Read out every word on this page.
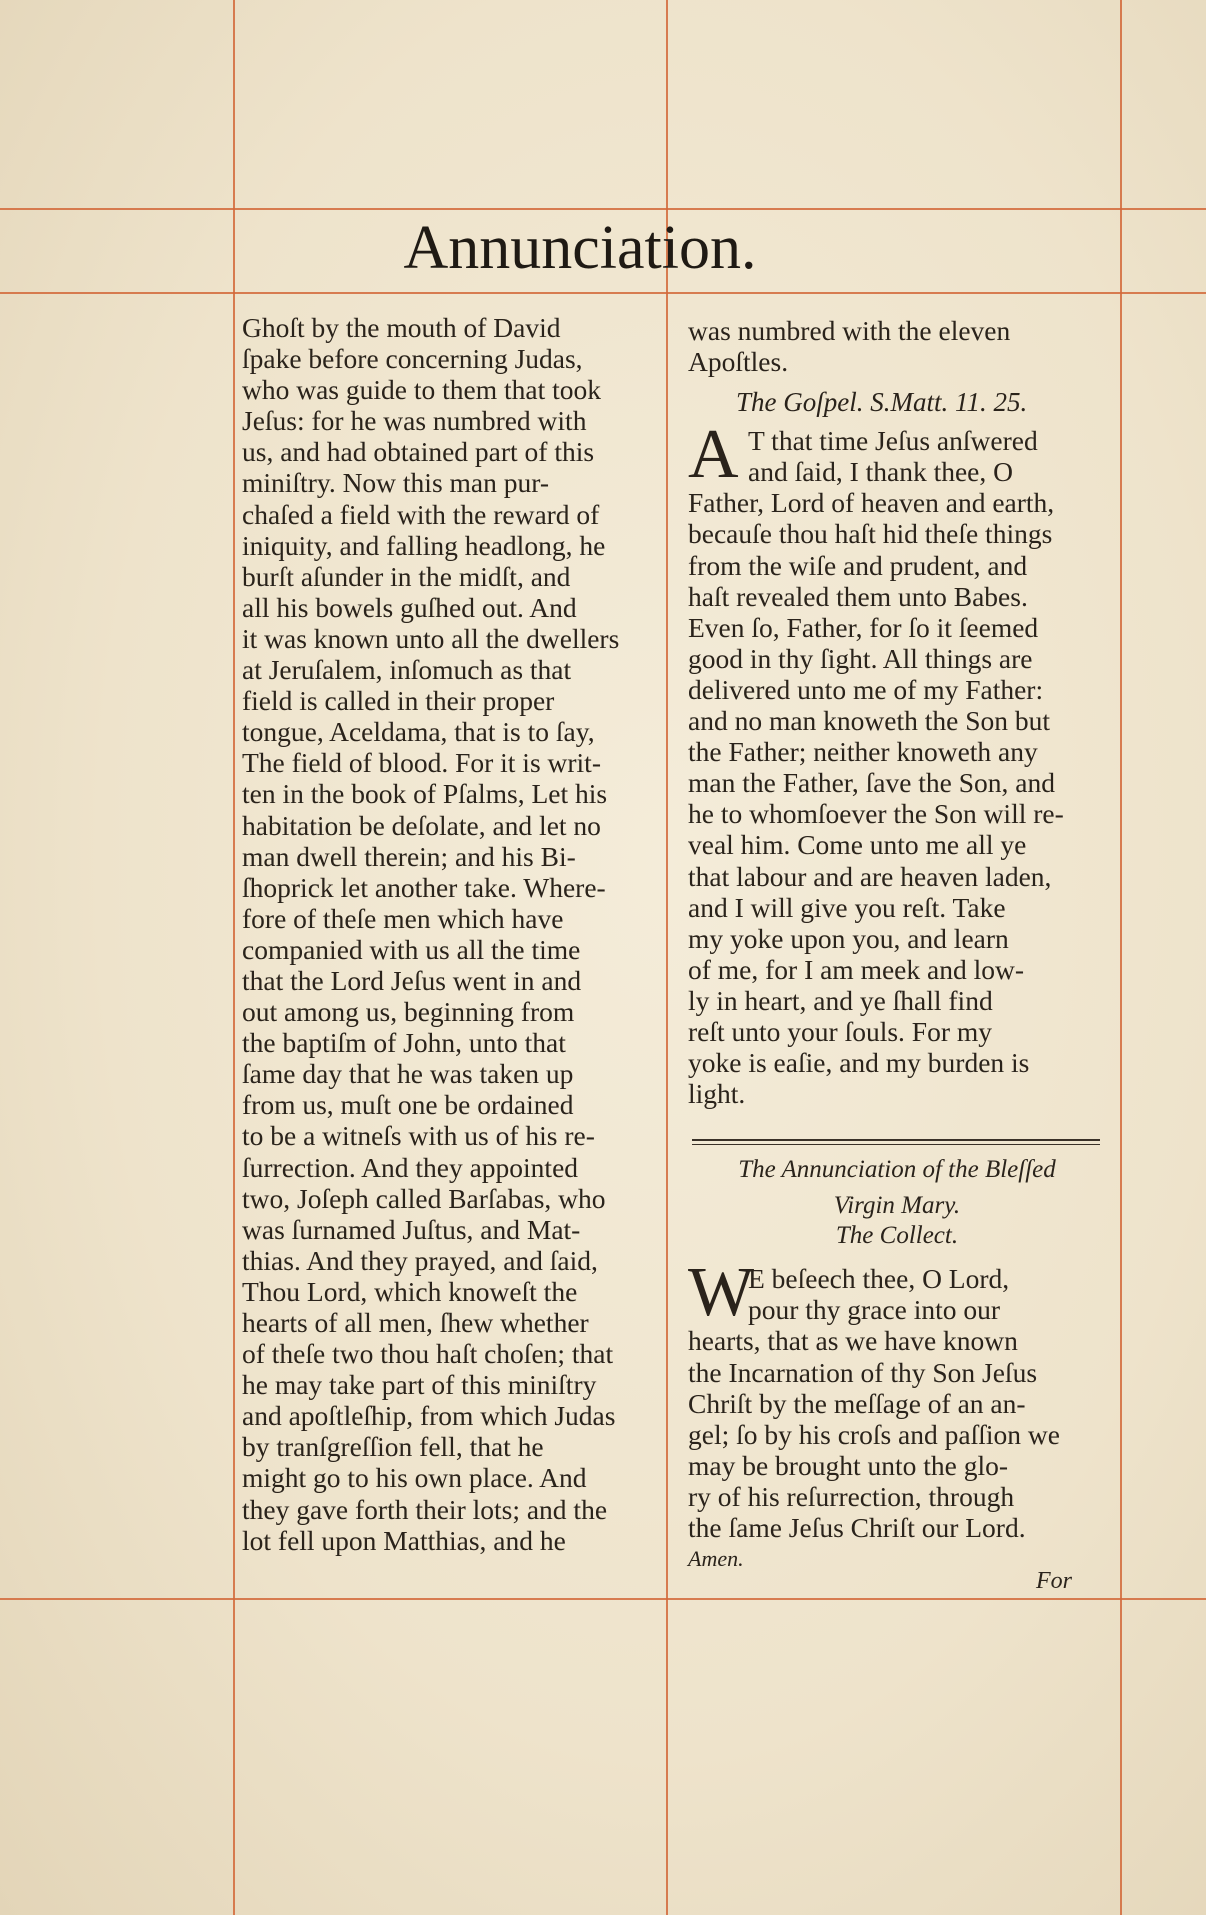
Annunciation.
Ghoſt by the mouth of David
ſpake before concerning Judas,
who was guide to them that took
Jeſus: for he was numbred with
us, and had obtained part of this
miniſtry. Now this man pur-
chaſed a field with the reward of
iniquity, and falling headlong, he
burſt aſunder in the midſt, and
all his bowels guſhed out. And
it was known unto all the dwellers
at Jeruſalem, inſomuch as that
field is called in their proper
tongue, Aceldama, that is to ſay,
The field of blood. For it is writ-
ten in the book of Pſalms, Let his
habitation be deſolate, and let no
man dwell therein; and his Bi-
ſhoprick let another take. Where-
fore of theſe men which have
companied with us all the time
that the Lord Jeſus went in and
out among us, beginning from
the baptiſm of John, unto that
ſame day that he was taken up
from us, muſt one be ordained
to be a witneſs with us of his re-
ſurrection. And they appointed
two, Joſeph called Barſabas, who
was ſurnamed Juſtus, and Mat-
thias. And they prayed, and ſaid,
Thou Lord, which knoweſt the
hearts of all men, ſhew whether
of theſe two thou haſt choſen; that
he may take part of this miniſtry
and apoſtleſhip, from which Judas
by tranſgreſſion fell, that he
might go to his own place. And
they gave forth their lots; and the
lot fell upon Matthias, and he
was numbred with the eleven
Apoſtles.
The Goſpel. S.Matt. 11. 25.
A T that time Jeſus anſwered
and ſaid, I thank thee, O
Father, Lord of heaven and earth,
becauſe thou haſt hid theſe things
from the wiſe and prudent, and
haſt revealed them unto Babes.
Even ſo, Father, for ſo it ſeemed
good in thy ſight. All things are
delivered unto me of my Father:
and no man knoweth the Son but
the Father; neither knoweth any
man the Father, ſave the Son, and
he to whomſoever the Son will re-
veal him. Come unto me all ye
that labour and are heaven laden,
and I will give you reſt. Take
my yoke upon you, and learn
of me, for I am meek and low-
ly in heart, and ye ſhall find
reſt unto your ſouls. For my
yoke is eaſie, and my burden is
light.
The Annunciation of the Bleſſed
Virgin Mary.
The Collect.
W
E beſeech thee, O Lord,
pour thy grace into our
hearts, that as we have known
the Incarnation of thy Son Jeſus
Chriſt by the meſſage of an an-
gel; ſo by his croſs and paſſion we
may be brought unto the glo-
ry of his reſurrection, through
the ſame Jeſus Chriſt our Lord.
Amen.
For
